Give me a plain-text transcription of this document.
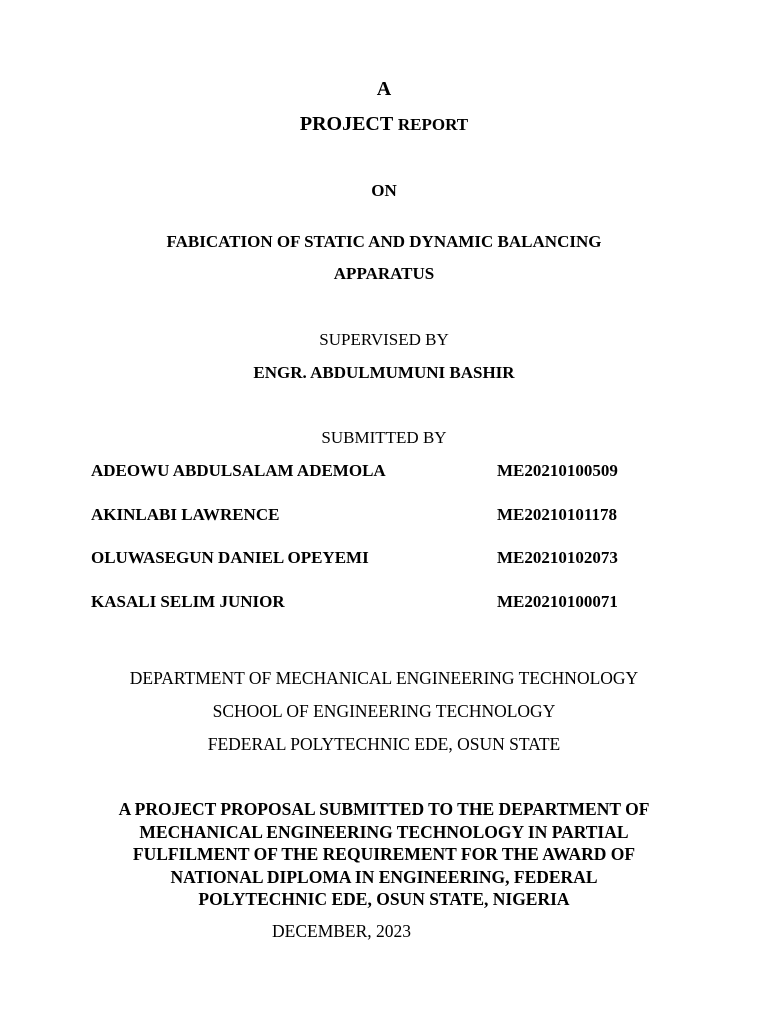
A
PROJECT REPORT
ON
FABICATION OF STATIC AND DYNAMIC BALANCING
APPARATUS
SUPERVISED BY
ENGR. ABDULMUMUNI BASHIR
SUBMITTED BY
ADEOWU ABDULSALAM ADEMOLA	ME20210100509
AKINLABI LAWRENCE	ME20210101178
OLUWASEGUN DANIEL OPEYEMI	ME20210102073
KASALI SELIM JUNIOR	ME20210100071
DEPARTMENT OF MECHANICAL ENGINEERING TECHNOLOGY
SCHOOL OF ENGINEERING TECHNOLOGY
FEDERAL POLYTECHNIC EDE, OSUN STATE
A PROJECT PROPOSAL SUBMITTED TO THE DEPARTMENT OF
MECHANICAL ENGINEERING TECHNOLOGY IN PARTIAL
FULFILMENT OF THE REQUIREMENT FOR THE AWARD OF
NATIONAL DIPLOMA IN ENGINEERING, FEDERAL
POLYTECHNIC EDE, OSUN STATE, NIGERIA
DECEMBER, 2023
